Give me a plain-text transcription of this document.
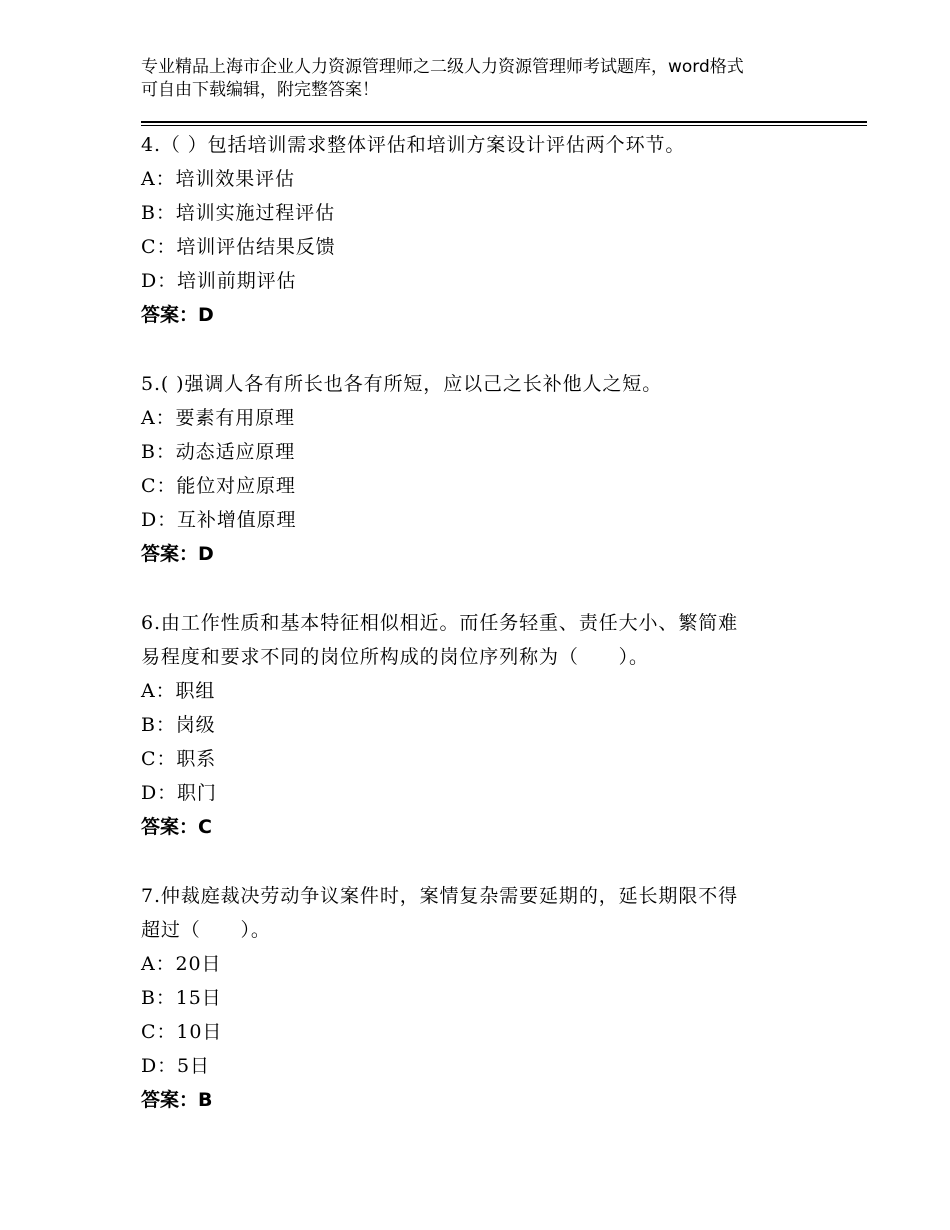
专业精品上海市企业人力资源管理师之二级人力资源管理师考试题库，word格式
可自由下载编辑，附完整答案！
4.（ ）包括培训需求整体评估和培训方案设计评估两个环节。
A：培训效果评估
B：培训实施过程评估
C：培训评估结果反馈
D：培训前期评估
答案：D
5.( )强调人各有所长也各有所短，应以己之长补他人之短。
A：要素有用原理
B：动态适应原理
C：能位对应原理
D：互补增值原理
答案：D
6.由工作性质和基本特征相似相近。而任务轻重、责任大小、繁简难
易程度和要求不同的岗位所构成的岗位序列称为（　　）。
A：职组
B：岗级
C：职系
D：职门
答案：C
7.仲裁庭裁决劳动争议案件时，案情复杂需要延期的，延长期限不得
超过（　　）。
A：20日
B：15日
C：10日
D：5日
答案：B
